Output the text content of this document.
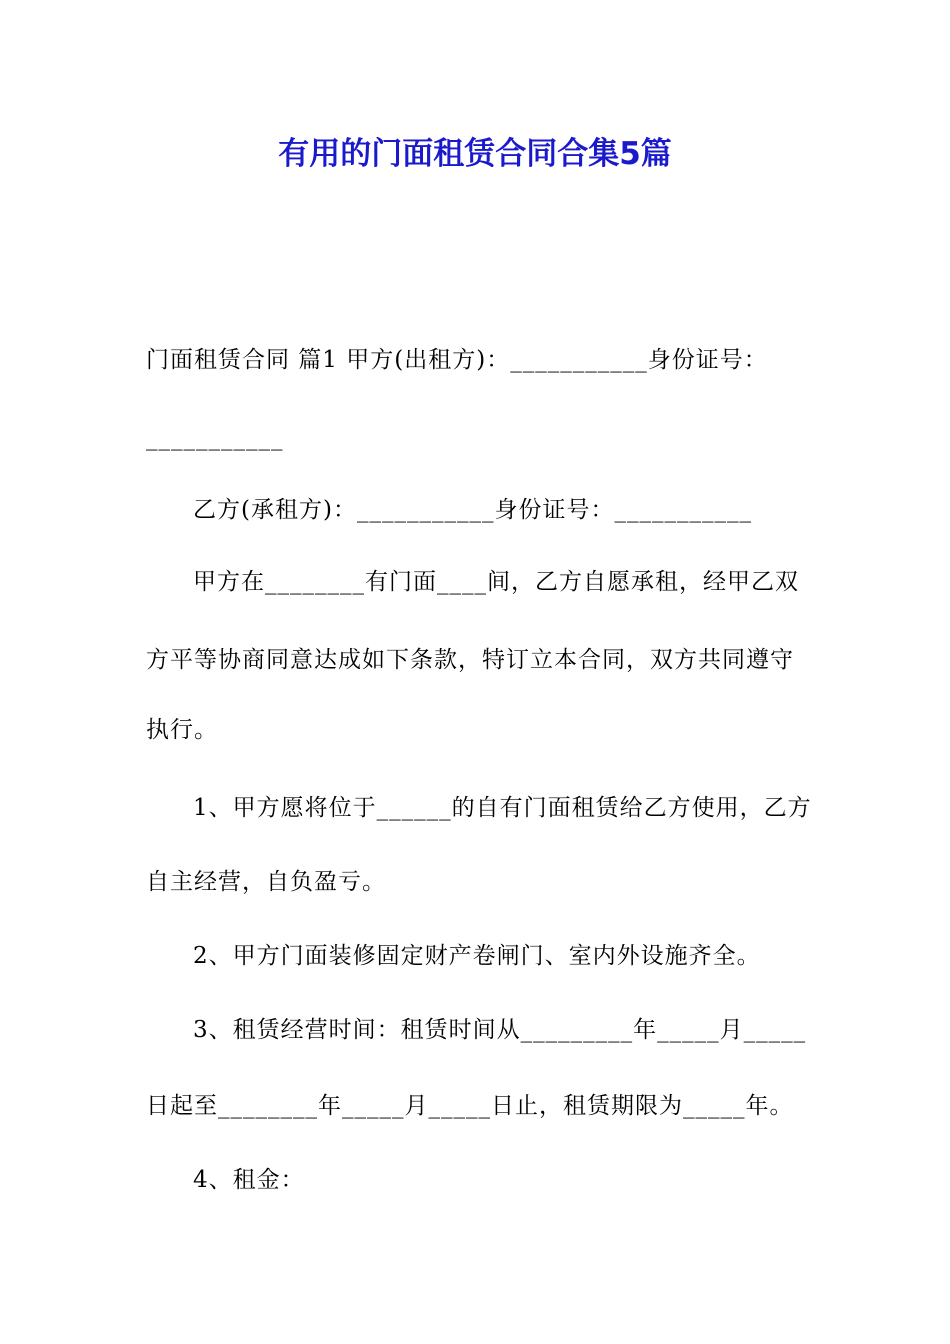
有用的门面租赁合同合集5篇
门面租赁合同 篇1 甲方(出租方)：___________身份证号：
___________
乙方(承租方)：___________身份证号：___________
甲方在________有门面____间，乙方自愿承租，经甲乙双
方平等协商同意达成如下条款，特订立本合同，双方共同遵守
执行。
1、甲方愿将位于______的自有门面租赁给乙方使用，乙方
自主经营，自负盈亏。
2、甲方门面装修固定财产卷闸门、室内外设施齐全。
3、租赁经营时间：租赁时间从_________年_____月_____
日起至________年_____月_____日止，租赁期限为_____年。
4、租金：
